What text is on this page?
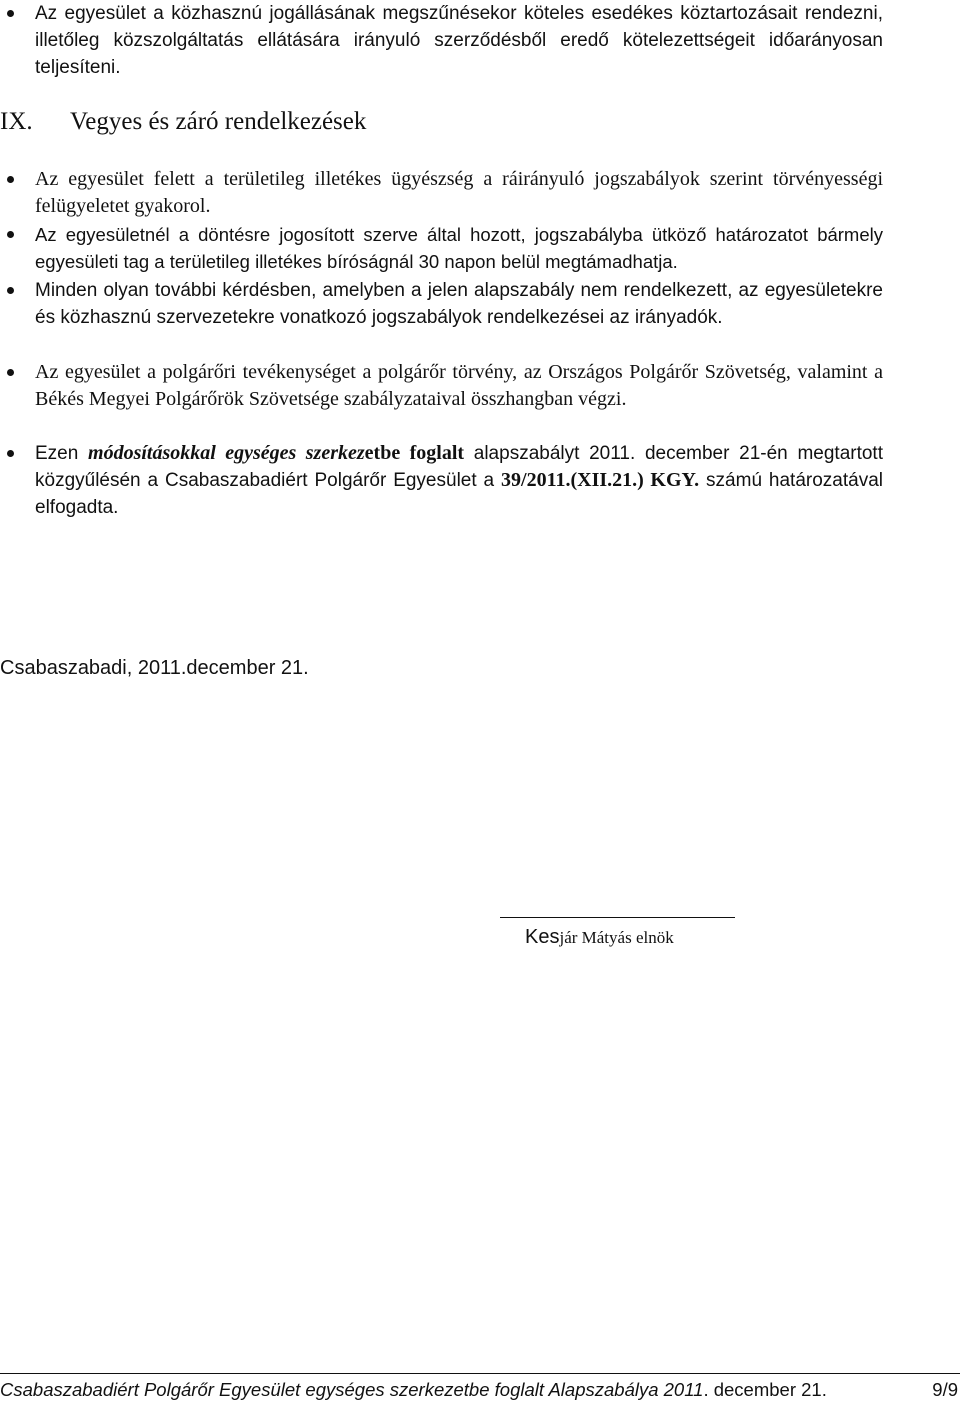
Az egyesület a közhasznú jogállásának megszűnésekor köteles esedékes köztartozásait rendezni, illetőleg közszolgáltatás ellátására irányuló szerződésből eredő kötelezettségeit időarányosan teljesíteni.
IX. Vegyes és záró rendelkezések
Az egyesület felett a területileg illetékes ügyészség a ráirányuló jogszabályok szerint törvényességi felügyeletet gyakorol.
Az egyesületnél a döntésre jogosított szerve által hozott, jogszabályba ütköző határozatot bármely egyesületi tag a területileg illetékes bíróságnál 30 napon belül megtámadhatja.
Minden olyan további kérdésben, amelyben a jelen alapszabály nem rendelkezett, az egyesületekre és közhasznú szervezetekre vonatkozó jogszabályok rendelkezései az irányadók.
Az egyesület a polgárőri tevékenységet a polgárőr törvény, az Országos Polgárőr Szövetség, valamint a Békés Megyei Polgárőrök Szövetsége szabályzataival összhangban végzi.
Ezen módosításokkal egységes szerkezetbe foglalt alapszabályt 2011. december 21-én megtartott közgyűlésén a Csabaszabadiért Polgárőr Egyesület a 39/2011.(XII.21.) KGY. számú határozatával elfogadta.
Csabaszabadi, 2011.december 21.
Kesjár Mátyás elnök
Csabaszabadiért Polgárőr Egyesület egységes szerkezetbe foglalt Alapszabálya 2011. december 21.	9/9
